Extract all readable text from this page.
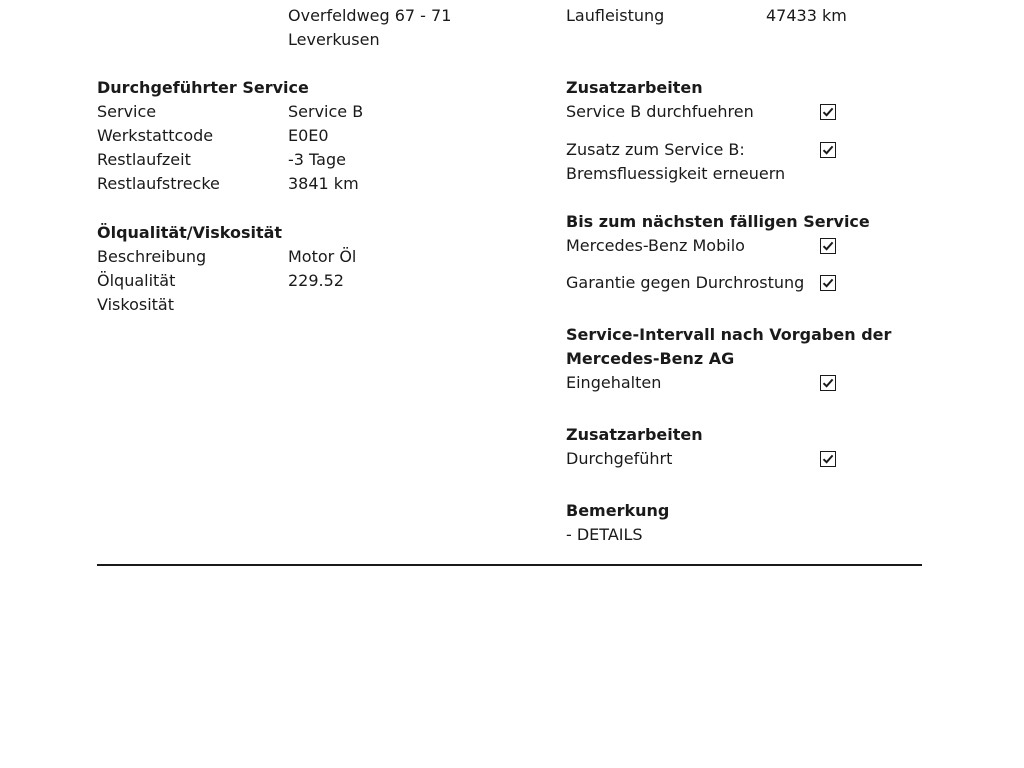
Overfeldweg 67 - 71
Leverkusen
Laufleistung	47433 km
Durchgeführter Service
Service	Service B
Werkstattcode	E0E0
Restlaufzeit	-3 Tage
Restlaufstrecke	3841 km
Ölqualität/Viskosität
Beschreibung	Motor Öl
Ölqualität	229.52
Viskosität
Zusatzarbeiten
Service B durchfuehren
Zusatz zum Service B:
Bremsfluessigkeit erneuern
Bis zum nächsten fälligen Service
Mercedes-Benz Mobilo
Garantie gegen Durchrostung
Service-Intervall nach Vorgaben der
Mercedes-Benz AG
Eingehalten
Zusatzarbeiten
Durchgeführt
Bemerkung
- DETAILS
